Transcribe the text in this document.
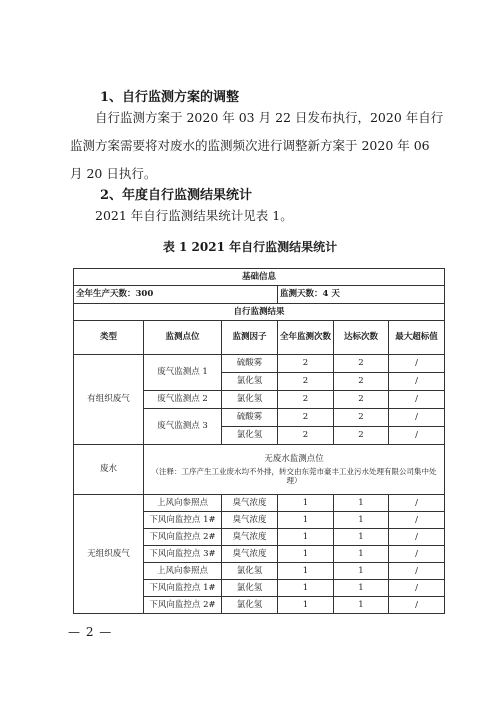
1、自行监测方案的调整
自行监测方案于 2020 年 03 月 22 日发布执行，2020 年自行监测方案需要将对废水的监测频次进行调整新方案于 2020 年 06 月 20 日执行。
2、年度自行监测结果统计
2021 年自行监测结果统计见表 1。
表 1 2021 年自行监测结果统计
基础信息					
全年生产天数：300			监测天数：4 天		
自行监测结果					
类型	监测点位	监测因子	全年监测次数	达标次数	最大超标值
有组织废气	废气监测点 1	硫酸雾	2	2	/
		氯化氢	2	2	/
	废气监测点 2	氯化氢	2	2	/
	废气监测点 3	硫酸雾	2	2	/
		氯化氢	2	2	/
废水	无废水监测点位
（注释：工序产生工业废水均不外排，转交由东莞市豪丰工业污水处理有限公司集中处理）				

无组织废气	上风向参照点	臭气浓度	1	1	/
	下风向监控点 1#	臭气浓度	1	1	/
	下风向监控点 2#	臭气浓度	1	1	/
	下风向监控点 3#	臭气浓度	1	1	/
	上风向参照点	氯化氢	1	1	/
	下风向监控点 1#	氯化氢	1	1	/
	下风向监控点 2#	氯化氢	1	1	/
— 2 —
